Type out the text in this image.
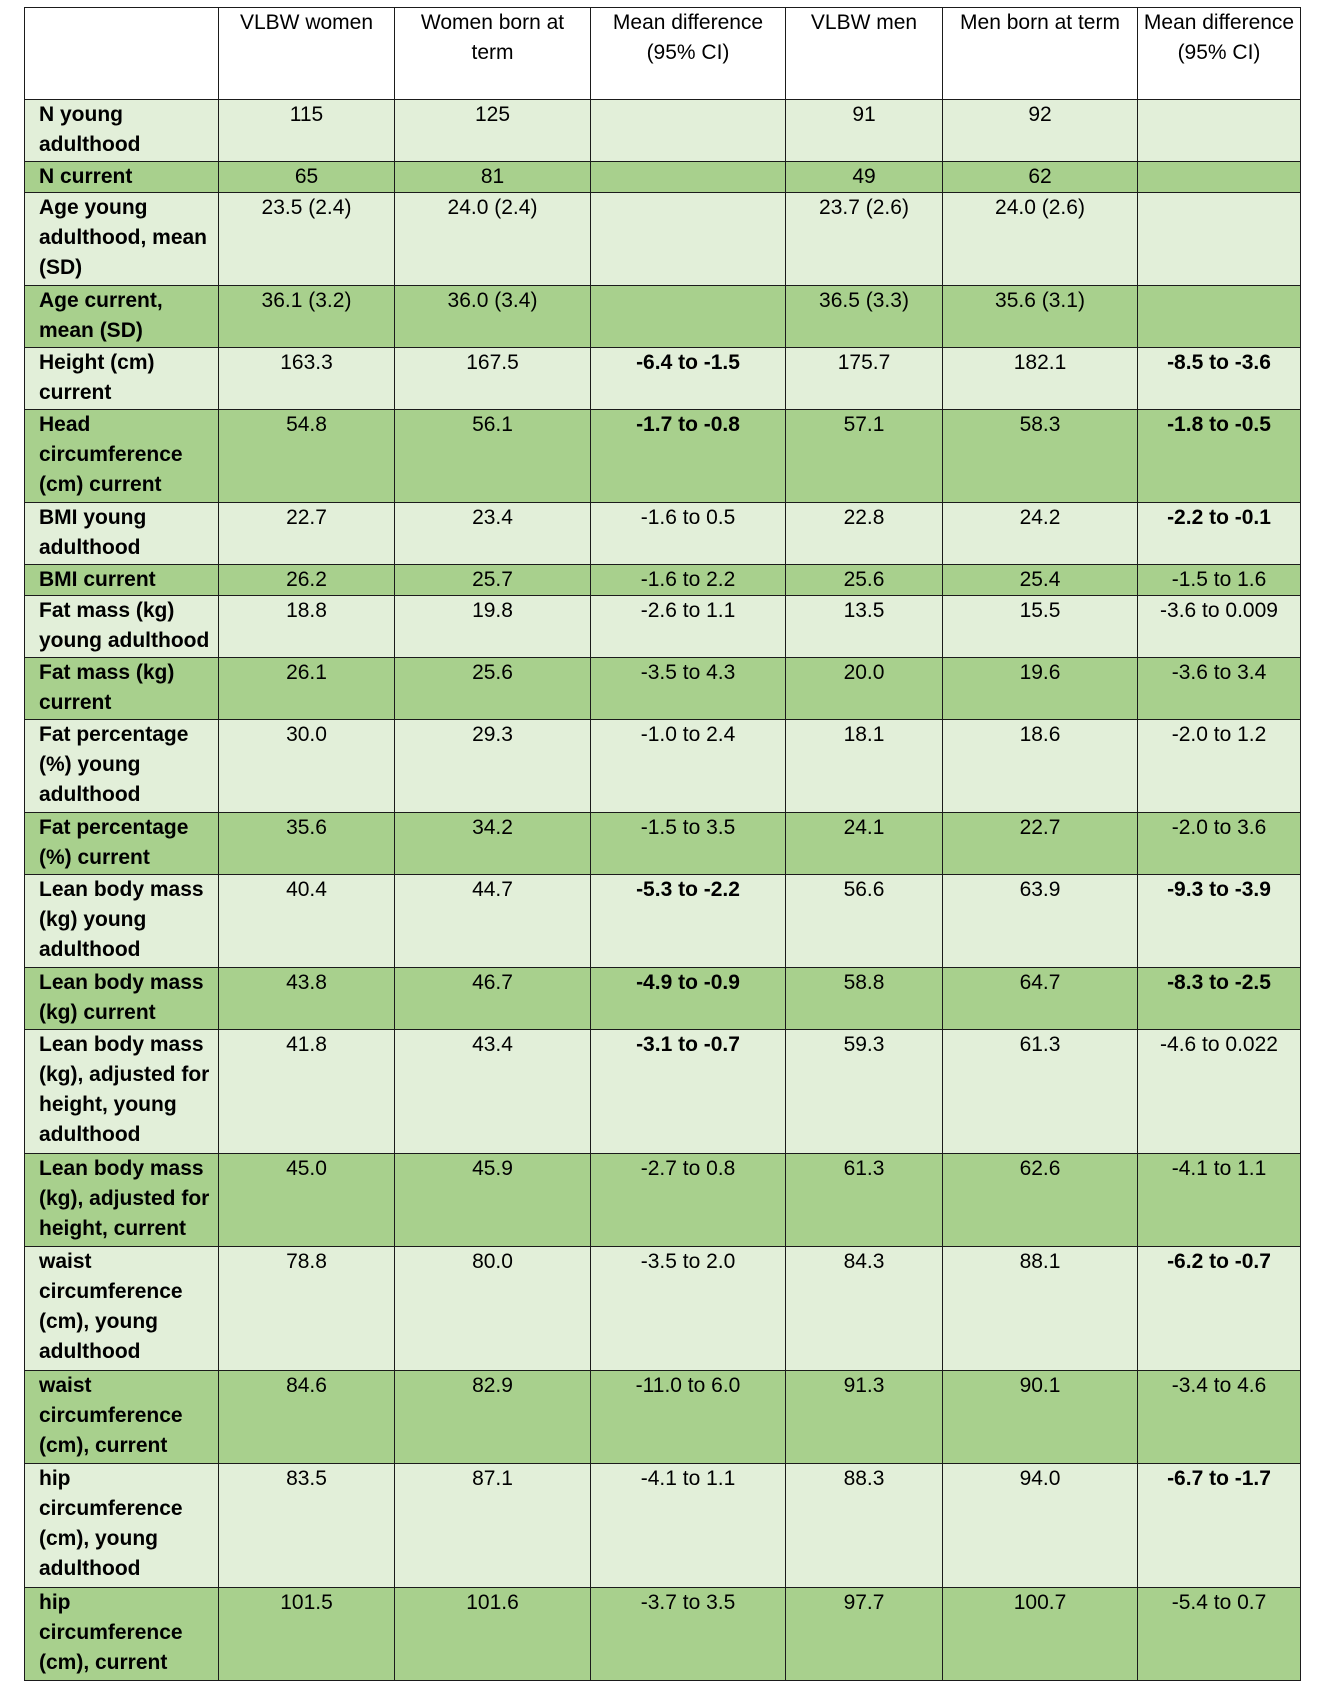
	VLBW women	Women born at term	Mean difference (95% CI)	VLBW men	Men born at term	Mean difference (95% CI)
N young adulthood	115	125		91	92	
N current	65	81		49	62	
Age young adulthood, mean (SD)	23.5 (2.4)	24.0 (2.4)		23.7 (2.6)	24.0 (2.6)	
Age current, mean (SD)	36.1 (3.2)	36.0 (3.4)		36.5 (3.3)	35.6 (3.1)	
Height (cm) current	163.3	167.5	-6.4 to -1.5	175.7	182.1	-8.5 to -3.6
Head circumference (cm) current	54.8	56.1	-1.7 to -0.8	57.1	58.3	-1.8 to -0.5
BMI young adulthood	22.7	23.4	-1.6 to 0.5	22.8	24.2	-2.2 to -0.1
BMI current	26.2	25.7	-1.6 to 2.2	25.6	25.4	-1.5 to 1.6
Fat mass (kg) young adulthood	18.8	19.8	-2.6 to 1.1	13.5	15.5	-3.6 to 0.009
Fat mass (kg) current	26.1	25.6	-3.5 to 4.3	20.0	19.6	-3.6 to 3.4
Fat percentage (%) young adulthood	30.0	29.3	-1.0 to 2.4	18.1	18.6	-2.0 to 1.2
Fat percentage (%) current	35.6	34.2	-1.5 to 3.5	24.1	22.7	-2.0 to 3.6
Lean body mass (kg) young adulthood	40.4	44.7	-5.3 to -2.2	56.6	63.9	-9.3 to -3.9
Lean body mass (kg) current	43.8	46.7	-4.9 to -0.9	58.8	64.7	-8.3 to -2.5
Lean body mass (kg), adjusted for height, young adulthood	41.8	43.4	-3.1 to -0.7	59.3	61.3	-4.6 to 0.022
Lean body mass (kg), adjusted for height, current	45.0	45.9	-2.7 to 0.8	61.3	62.6	-4.1 to 1.1
waist circumference (cm), young adulthood	78.8	80.0	-3.5 to 2.0	84.3	88.1	-6.2 to -0.7
waist circumference (cm), current	84.6	82.9	-11.0 to 6.0	91.3	90.1	-3.4 to 4.6
hip circumference (cm), young adulthood	83.5	87.1	-4.1 to 1.1	88.3	94.0	-6.7 to -1.7
hip circumference (cm), current	101.5	101.6	-3.7 to 3.5	97.7	100.7	-5.4 to 0.7
